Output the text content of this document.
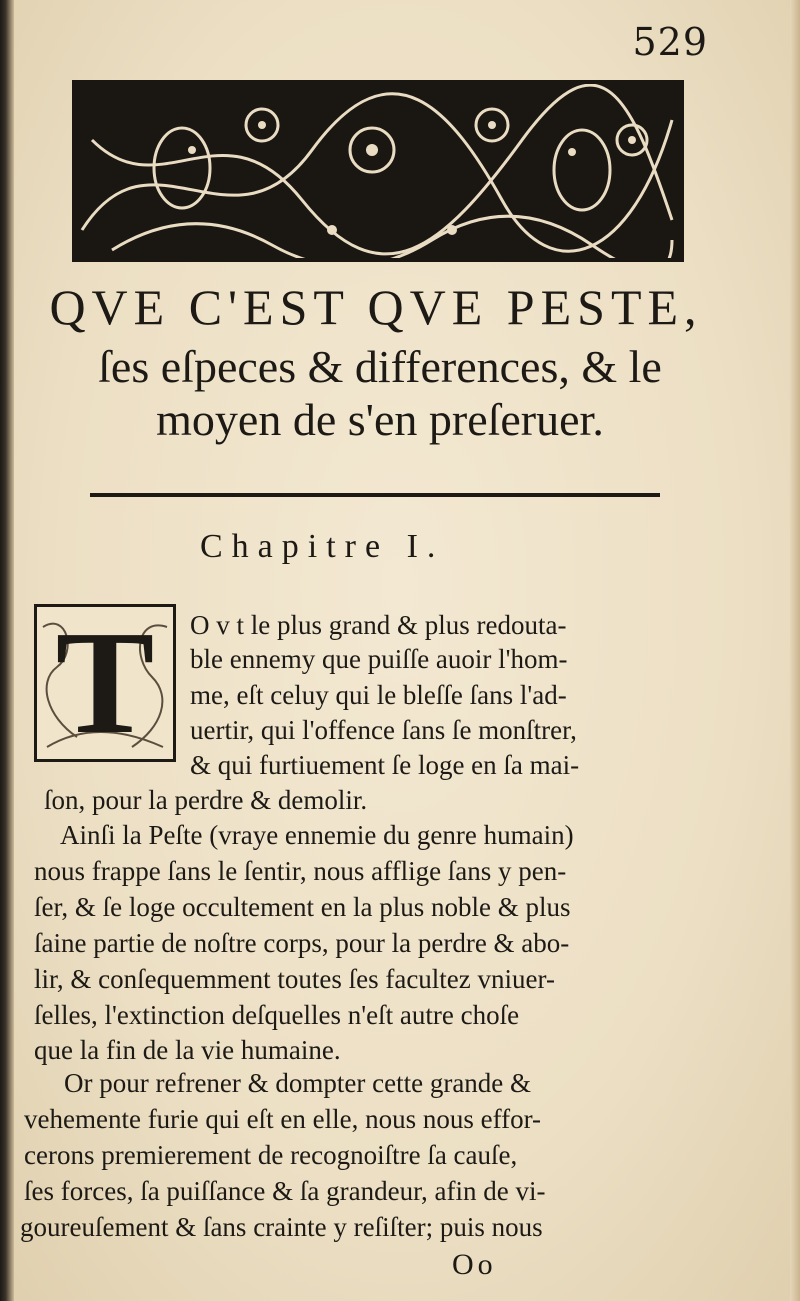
529
QVE C'EST QVE PESTE,
ſes eſpeces & differences, & le
moyen de s'en preſeruer.
Chapitre I.
T	O v t le plus grand & plus redouta-
ble ennemy que puiſſe auoir l'hom-
me, eſt celuy qui le bleſſe ſans l'ad-
uertir, qui l'offence ſans ſe monſtrer,
& qui furtiuement ſe loge en ſa mai-
ſon, pour la perdre & demolir.
Ainſi la Peſte (vraye ennemie du genre humain)
nous frappe ſans le ſentir, nous afflige ſans y pen-
ſer, & ſe loge occultement en la plus noble & plus
ſaine partie de noſtre corps, pour la perdre & abo-
lir, & conſequemment toutes ſes facultez vniuer-
ſelles, l'extinction deſquelles n'eſt autre choſe
que la fin de la vie humaine.
Or pour refrener & dompter cette grande &
vehemente furie qui eſt en elle, nous nous effor-
cerons premierement de recognoiſtre ſa cauſe,
ſes forces, ſa puiſſance & ſa grandeur, afin de vi-
goureuſement & ſans crainte y reſiſter; puis nous
Oo
